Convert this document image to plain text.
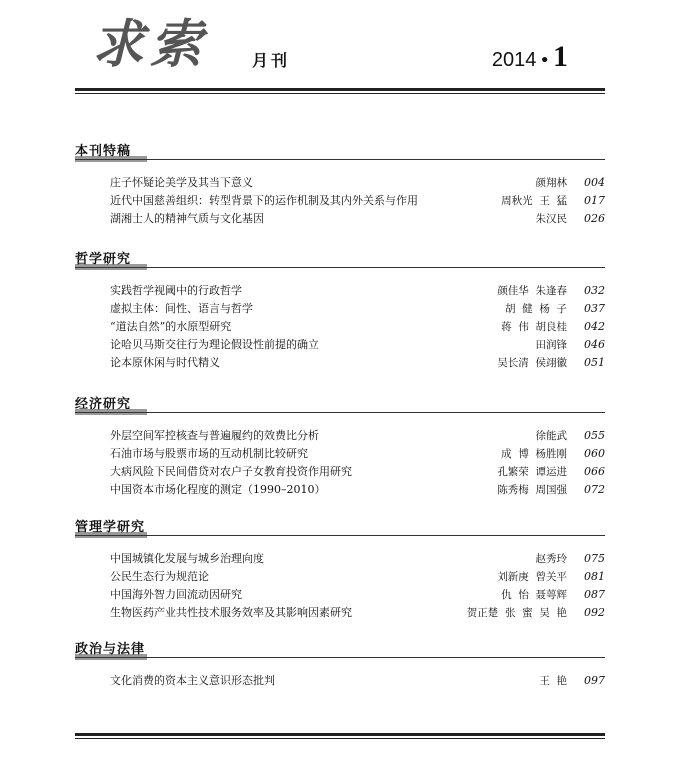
求索	月刊	2014 • 1
本刊特稿
庄子怀疑论美学及其当下意义	颜翔林 004
近代中国慈善组织：转型背景下的运作机制及其内外关系与作用	周秋光  王  猛 017
湖湘士人的精神气质与文化基因	朱汉民 026
哲学研究
实践哲学视阈中的行政哲学	颜佳华  朱逢春 032
虚拟主体：间性、语言与哲学	胡  健  杨  子 037
“道法自然”的水原型研究	蒋  伟  胡良桂 042
论哈贝马斯交往行为理论假设性前提的确立	田润锋 046
论本原休闲与时代精义	吴长清  侯翊徽 051
经济研究
外层空间军控核查与普遍履约的效费比分析	徐能武 055
石油市场与股票市场的互动机制比较研究	成  博  杨胜刚 060
大病风险下民间借贷对农户子女教育投资作用研究	孔繁荣  谭运进 066
中国资本市场化程度的测定（1990–2010）	陈秀梅  周国强 072
管理学研究
中国城镇化发展与城乡治理向度	赵秀玲 075
公民生态行为规范论	刘新庚  曾关平 081
中国海外智力回流动因研究	仇  怡  聂萼辉 087
生物医药产业共性技术服务效率及其影响因素研究	贺正楚  张  蜜  吴  艳 092
政治与法律
文化消费的资本主义意识形态批判	王  艳 097
